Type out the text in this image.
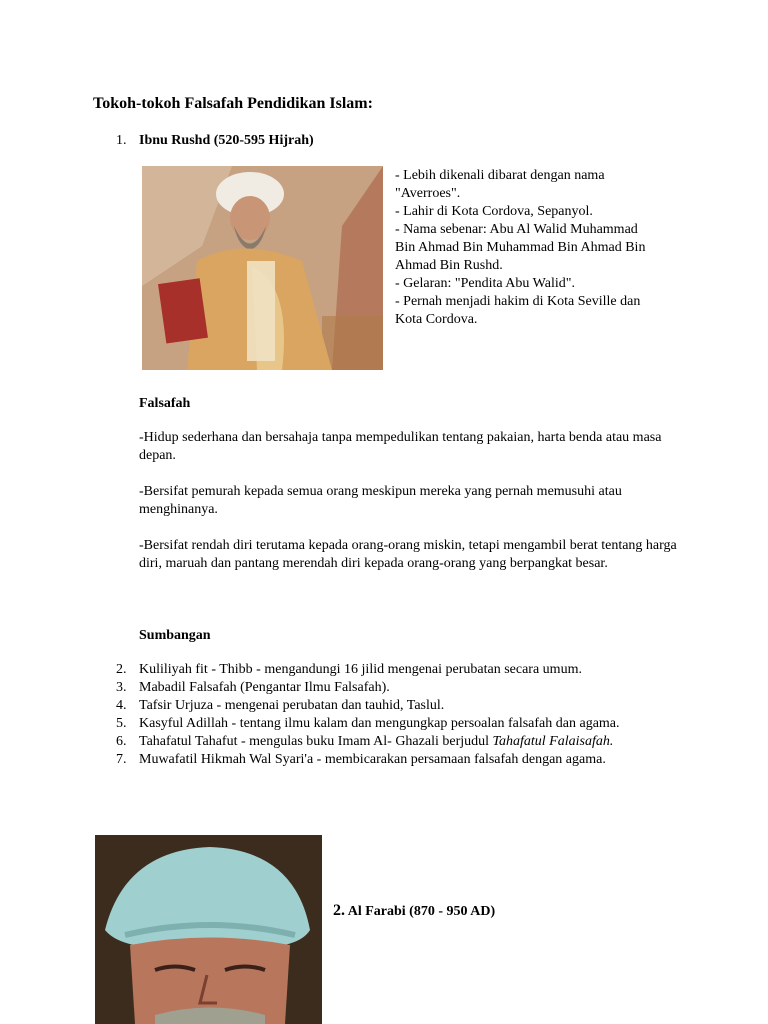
Tokoh-tokoh Falsafah Pendidikan Islam:
1. Ibnu Rushd (520-595 Hijrah)
- Lebih dikenali dibarat dengan nama
"Averroes".
- Lahir di Kota Cordova, Sepanyol.
- Nama sebenar: Abu Al Walid Muhammad
Bin Ahmad Bin Muhammad Bin Ahmad Bin
Ahmad Bin Rushd.
- Gelaran: "Pendita Abu Walid".
- Pernah menjadi hakim di Kota Seville dan
Kota Cordova.
Falsafah
-Hidup sederhana dan bersahaja tanpa mempedulikan tentang pakaian, harta benda atau masa depan.
-Bersifat pemurah kepada semua orang meskipun mereka yang pernah memusuhi atau menghinanya.
-Bersifat rendah diri terutama kepada orang-orang miskin, tetapi mengambil berat tentang harga diri, maruah dan pantang merendah diri kepada orang-orang yang berpangkat besar.
Sumbangan
2. Kuliliyah fit - Thibb - mengandungi 16 jilid mengenai perubatan secara umum.
3. Mabadil Falsafah (Pengantar Ilmu Falsafah).
4. Tafsir Urjuza - mengenai perubatan dan tauhid, Taslul.
5. Kasyful Adillah - tentang ilmu kalam dan mengungkap persoalan falsafah dan agama.
6. Tahafatul Tahafut - mengulas buku Imam Al- Ghazali berjudul Tahafatul Falaisafah.
7. Muwafatil Hikmah Wal Syari'a - membicarakan persamaan falsafah dengan agama.
2. Al Farabi (870 - 950 AD)
